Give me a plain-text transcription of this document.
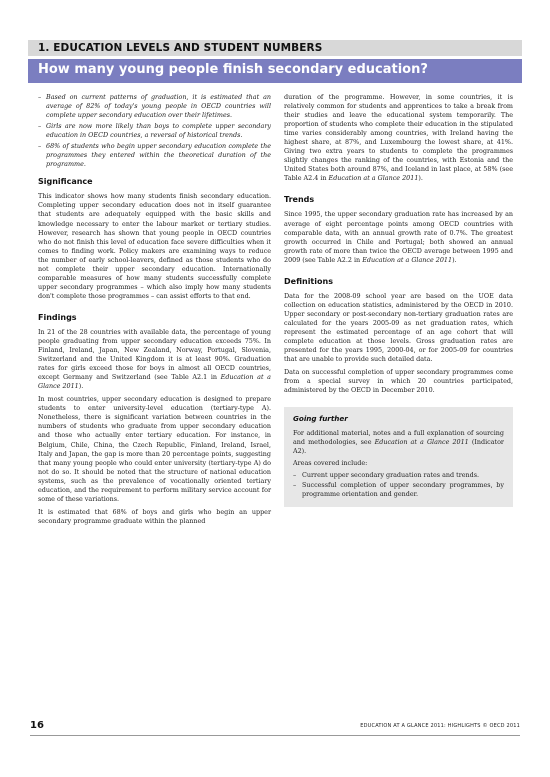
1. EDUCATION LEVELS AND STUDENT NUMBERS
How many young people finish secondary education?
– Based on current patterns of graduation, it is estimated that an average of 82% of today's young people in OECD countries will complete upper secondary education over their lifetimes.
– Girls are now more likely than boys to complete upper secondary education in OECD countries, a reversal of historical trends.
– 68% of students who begin upper secondary education complete the programmes they entered within the theoretical duration of the programme.
Significance

This indicator shows how many students finish secondary education. Completing upper secondary education does not in itself guarantee that students are adequately equipped with the basic skills and knowledge necessary to enter the labour market or tertiary studies. However, research has shown that young people in OECD countries who do not finish this level of education face severe difficulties when it comes to finding work. Policy makers are examining ways to reduce the number of early school-leavers, defined as those students who do not complete their upper secondary education. Internationally comparable measures of how many students successfully complete upper secondary programmes – which also imply how many students don't complete those programmes – can assist efforts to that end.

Findings

In 21 of the 28 countries with available data, the percentage of young people graduating from upper secondary education exceeds 75%. In Finland, Ireland, Japan, New Zealand, Norway, Portugal, Slovenia, Switzerland and the United Kingdom it is at least 90%. Graduation rates for girls exceed those for boys in almost all OECD countries, except Germany and Switzerland (see Table A2.1 in Education at a Glance 2011).

In most countries, upper secondary education is designed to prepare students to enter university-level education (tertiary-type A). Nonetheless, there is significant variation between countries in the numbers of students who graduate from upper secondary education and those who actually enter tertiary education. For instance, in Belgium, Chile, China, the Czech Republic, Finland, Ireland, Israel, Italy and Japan, the gap is more than 20 percentage points, suggesting that many young people who could enter university (tertiary-type A) do not do so. It should be noted that the structure of national education systems, such as the prevalence of vocationally oriented tertiary education, and the requirement to perform military service account for some of these variations.

It is estimated that 68% of boys and girls who begin an upper secondary programme graduate within the planned

duration of the programme. However, in some countries, it is relatively common for students and apprentices to take a break from their studies and leave the educational system temporarily. The proportion of students who complete their education in the stipulated time varies considerably among countries, with Ireland having the highest share, at 87%, and Luxembourg the lowest share, at 41%. Giving two extra years to students to complete the programmes slightly changes the ranking of the countries, with Estonia and the United States both around 87%, and Iceland in last place, at 58% (see Table A2.4 in Education at a Glance 2011).

Trends

Since 1995, the upper secondary graduation rate has increased by an average of eight percentage points among OECD countries with comparable data, with an annual growth rate of 0.7%. The greatest growth occurred in Chile and Portugal; both showed an annual growth rate of more than twice the OECD average between 1995 and 2009 (see Table A2.2 in Education at a Glance 2011).

Definitions

Data for the 2008-09 school year are based on the UOE data collection on education statistics, administered by the OECD in 2010. Upper secondary or post-secondary non-tertiary graduation rates are calculated for the years 2005-09 as net graduation rates, which represent the estimated percentage of an age cohort that will complete education at those levels. Gross graduation rates are presented for the years 1995, 2000-04, or for 2005-09 for countries that are unable to provide such detailed data.

Data on successful completion of upper secondary programmes come from a special survey in which 20 countries participated, administered by the OECD in December 2010.

Going further

For additional material, notes and a full explanation of sourcing and methodologies, see Education at a Glance 2011 (Indicator A2).

Areas covered include:

– Current upper secondary graduation rates and trends.
– Successful completion of upper secondary programmes, by programme orientation and gender.
16	EDUCATION AT A GLANCE 2011: HIGHLIGHTS © OECD 2011
